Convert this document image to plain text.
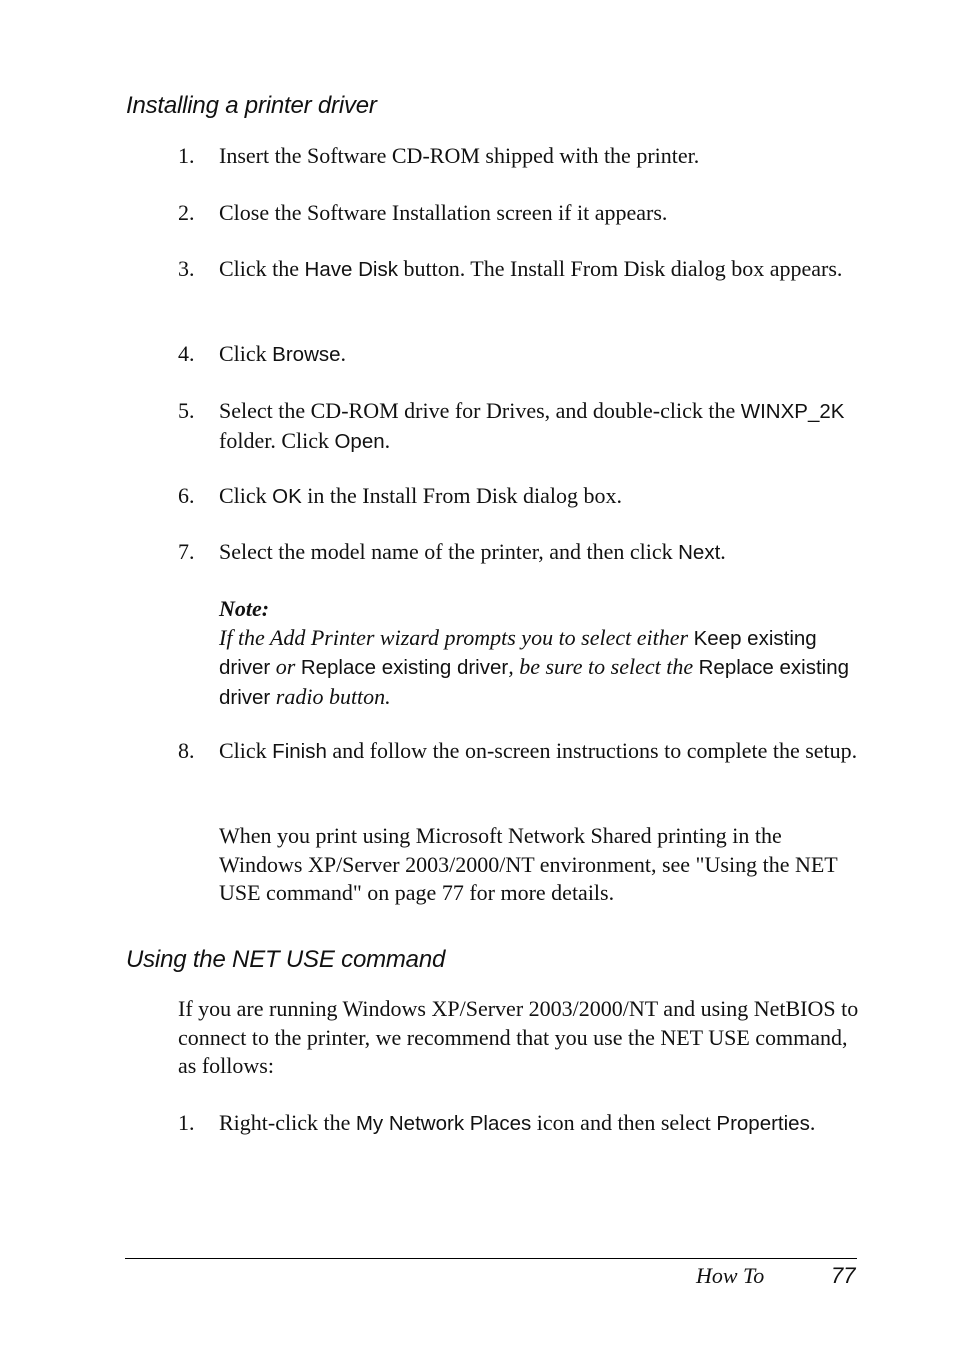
Installing a printer driver
1. Insert the Software CD-ROM shipped with the printer.
2. Close the Software Installation screen if it appears.
3. Click the Have Disk button. The Install From Disk dialog box appears.
4. Click Browse.
5. Select the CD-ROM drive for Drives, and double-click the WINXP_2K folder. Click Open.
6. Click OK in the Install From Disk dialog box.
7. Select the model name of the printer, and then click Next.
Note:
If the Add Printer wizard prompts you to select either Keep existing driver or Replace existing driver, be sure to select the Replace existing driver radio button.
8. Click Finish and follow the on-screen instructions to complete the setup.
When you print using Microsoft Network Shared printing in the Windows XP/Server 2003/2000/NT environment, see "Using the NET USE command" on page 77 for more details.
Using the NET USE command
If you are running Windows XP/Server 2003/2000/NT and using NetBIOS to connect to the printer, we recommend that you use the NET USE command, as follows:
1. Right-click the My Network Places icon and then select Properties.
How To	77
